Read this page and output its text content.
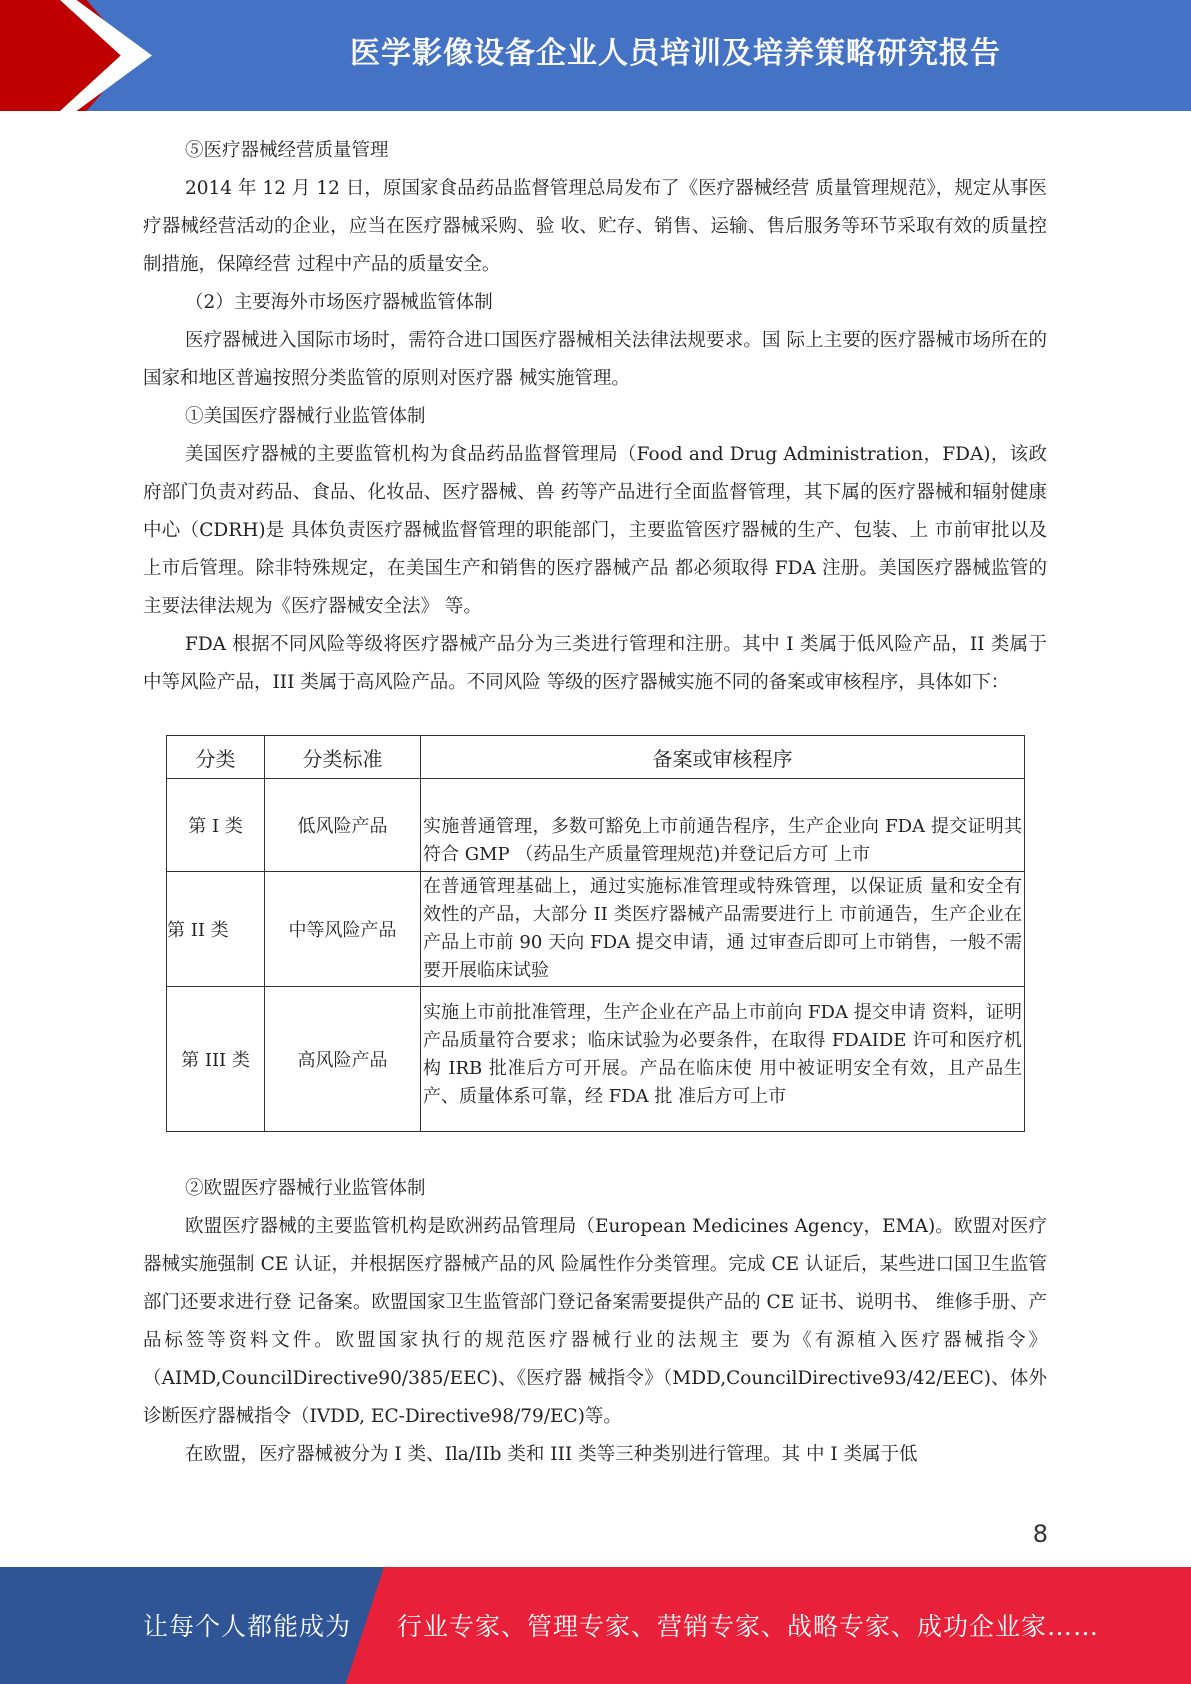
医学影像设备企业人员培训及培养策略研究报告

⑤医疗器械经营质量管理

2014 年 12 月 12 日，原国家食品药品监督管理总局发布了《医疗器械经营 质量管理规范》，规定从事医疗器械经营活动的企业，应当在医疗器械采购、验 收、贮存、销售、运输、售后服务等环节采取有效的质量控制措施，保障经营 过程中产品的质量安全。

（2）主要海外市场医疗器械监管体制

医疗器械进入国际市场时，需符合进口国医疗器械相关法律法规要求。国 际上主要的医疗器械市场所在的国家和地区普遍按照分类监管的原则对医疗器 械实施管理。

①美国医疗器械行业监管体制

美国医疗器械的主要监管机构为食品药品监督管理局（Food and Drug Administration，FDA)，该政府部门负责对药品、食品、化妆品、医疗器械、兽 药等产品进行全面监督管理，其下属的医疗器械和辐射健康中心（CDRH)是 具体负责医疗器械监督管理的职能部门，主要监管医疗器械的生产、包装、上 市前审批以及上市后管理。除非特殊规定，在美国生产和销售的医疗器械产品 都必须取得 FDA 注册。美国医疗器械监管的主要法律法规为《医疗器械安全法》 等。

FDA 根据不同风险等级将医疗器械产品分为三类进行管理和注册。其中 I 类属于低风险产品，II 类属于中等风险产品，III 类属于高风险产品。不同风险 等级的医疗器械实施不同的备案或审核程序，具体如下：

分类	分类标准	备案或审核程序
第 I 类	低风险产品	实施普通管理，多数可豁免上市前通告程序，生产企业向 FDA 提交证明其符合 GMP （药品生产质量管理规范)并登记后方可 上市
第 II 类	中等风险产品	在普通管理基础上，通过实施标准管理或特殊管理，以保证质 量和安全有效性的产品，大部分 II 类医疗器械产品需要进行上 市前通告，生产企业在产品上市前 90 天向 FDA 提交申请，通 过审查后即可上市销售，一般不需要开展临床试验
第 III 类	高风险产品	实施上市前批准管理，生产企业在产品上市前向 FDA 提交申请 资料，证明产品质量符合要求；临床试验为必要条件，在取得 FDAIDE 许可和医疗机构 IRB 批准后方可开展。产品在临床使 用中被证明安全有效，且产品生产、质量体系可靠，经 FDA 批 准后方可上市

②欧盟医疗器械行业监管体制

欧盟医疗器械的主要监管机构是欧洲药品管理局（European Medicines Agency，EMA)。欧盟对医疗器械实施强制 CE 认证，并根据医疗器械产品的风 险属性作分类管理。完成 CE 认证后，某些进口国卫生监管部门还要求进行登 记备案。欧盟国家卫生监管部门登记备案需要提供产品的 CE 证书、说明书、 维修手册、产品标签等资料文件。欧盟国家执行的规范医疗器械行业的法规主 要为《有源植入医疗器械指令》（AIMD,CouncilDirective90/385/EEC)、《医疗器 械指令》（MDD,CouncilDirective93/42/EEC)、体外诊断医疗器械指令（IVDD, EC-Directive98/79/EC)等。

在欧盟，医疗器械被分为 I 类、Ila/IIb 类和 III 类等三种类别进行管理。其 中 I 类属于低

8
让每个人都能成为 行业专家、管理专家、营销专家、战略专家、成功企业家……
